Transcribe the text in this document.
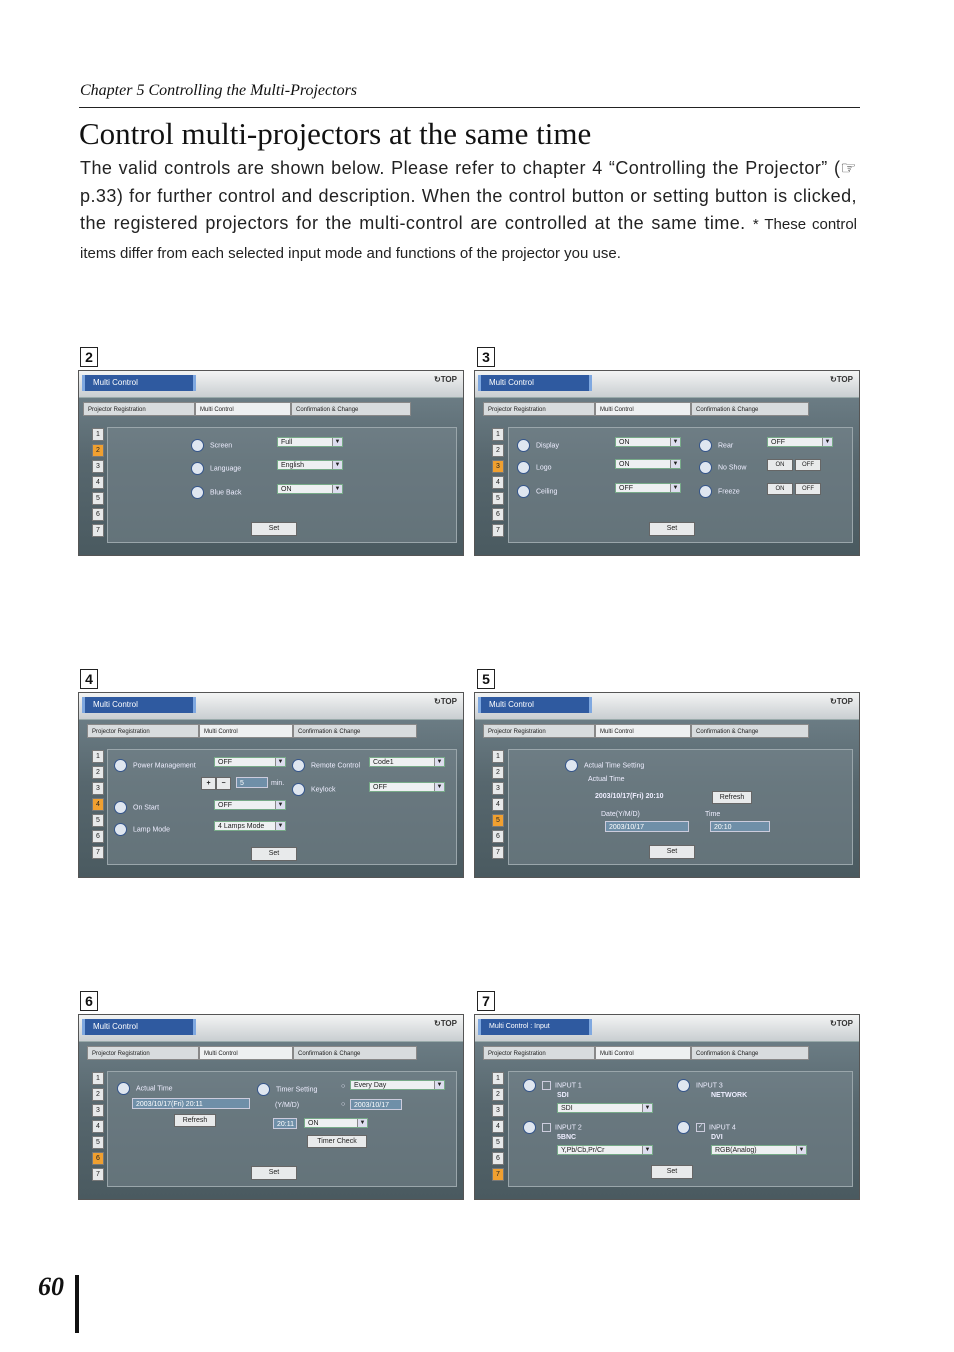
Chapter 5 Controlling the Multi-Projectors
Control multi-projectors at the same time
The valid controls are shown below. Please refer to chapter 4 “Controlling the Projector” (☞ p.33) for further control and description. When the control button or setting button is clicked, the registered projectors for the multi-control are controlled at the same time. * These control items differ from each selected input mode and functions of the projector you use.
2
Multi Control	↻TOP
Projector Registration	Multi Control	Confirmation & Change
1
2
3
4
5
6
7
Screen	Full	▼
Language	English	▼
Blue Back	ON	▼
Set
3
Multi Control	↻TOP
Projector Registration	Multi Control	Confirmation & Change
1
2
3
4
5
6
7
Display	ON	▼
Logo	ON	▼
Ceiling	OFF	▼
Rear	OFF	▼
No Show	ON	OFF
Freeze	ON	OFF
Set
4
Multi Control	↻TOP
Projector Registration	Multi Control	Confirmation & Change
1
2
3
4
5
6
7
Power Management	OFF	▼
+	−	5	min.
Remote Control	Code1	▼
Keylock	OFF	▼
On Start	OFF	▼
Lamp Mode	4 Lamps Mode	▼
Set
5
Multi Control	↻TOP
Projector Registration	Multi Control	Confirmation & Change
1
2
3
4
5
6
7
Actual Time Setting
Actual Time
2003/10/17(Fri) 20:10	Refresh
Date(Y/M/D)
2003/10/17
Time
20:10
Set
6
Multi Control	↻TOP
Projector Registration	Multi Control	Confirmation & Change
1
2
3
4
5
6
7
Actual Time
2003/10/17(Fri) 20:11
Refresh
Timer Setting	○	Every Day	▼
(Y/M/D)	○	2003/10/17
20:11	ON	▼
Timer Check
Set
7
Multi Control : Input	↻TOP
Projector Registration	Multi Control	Confirmation & Change
1
2
3
4
5
6
7
INPUT 1
SDI
SDI	▼
INPUT 2
5BNC
Y,Pb/Cb,Pr/Cr	▼
INPUT 3
NETWORK
✓ INPUT 4
DVI
RGB(Analog)	▼
Set
60
